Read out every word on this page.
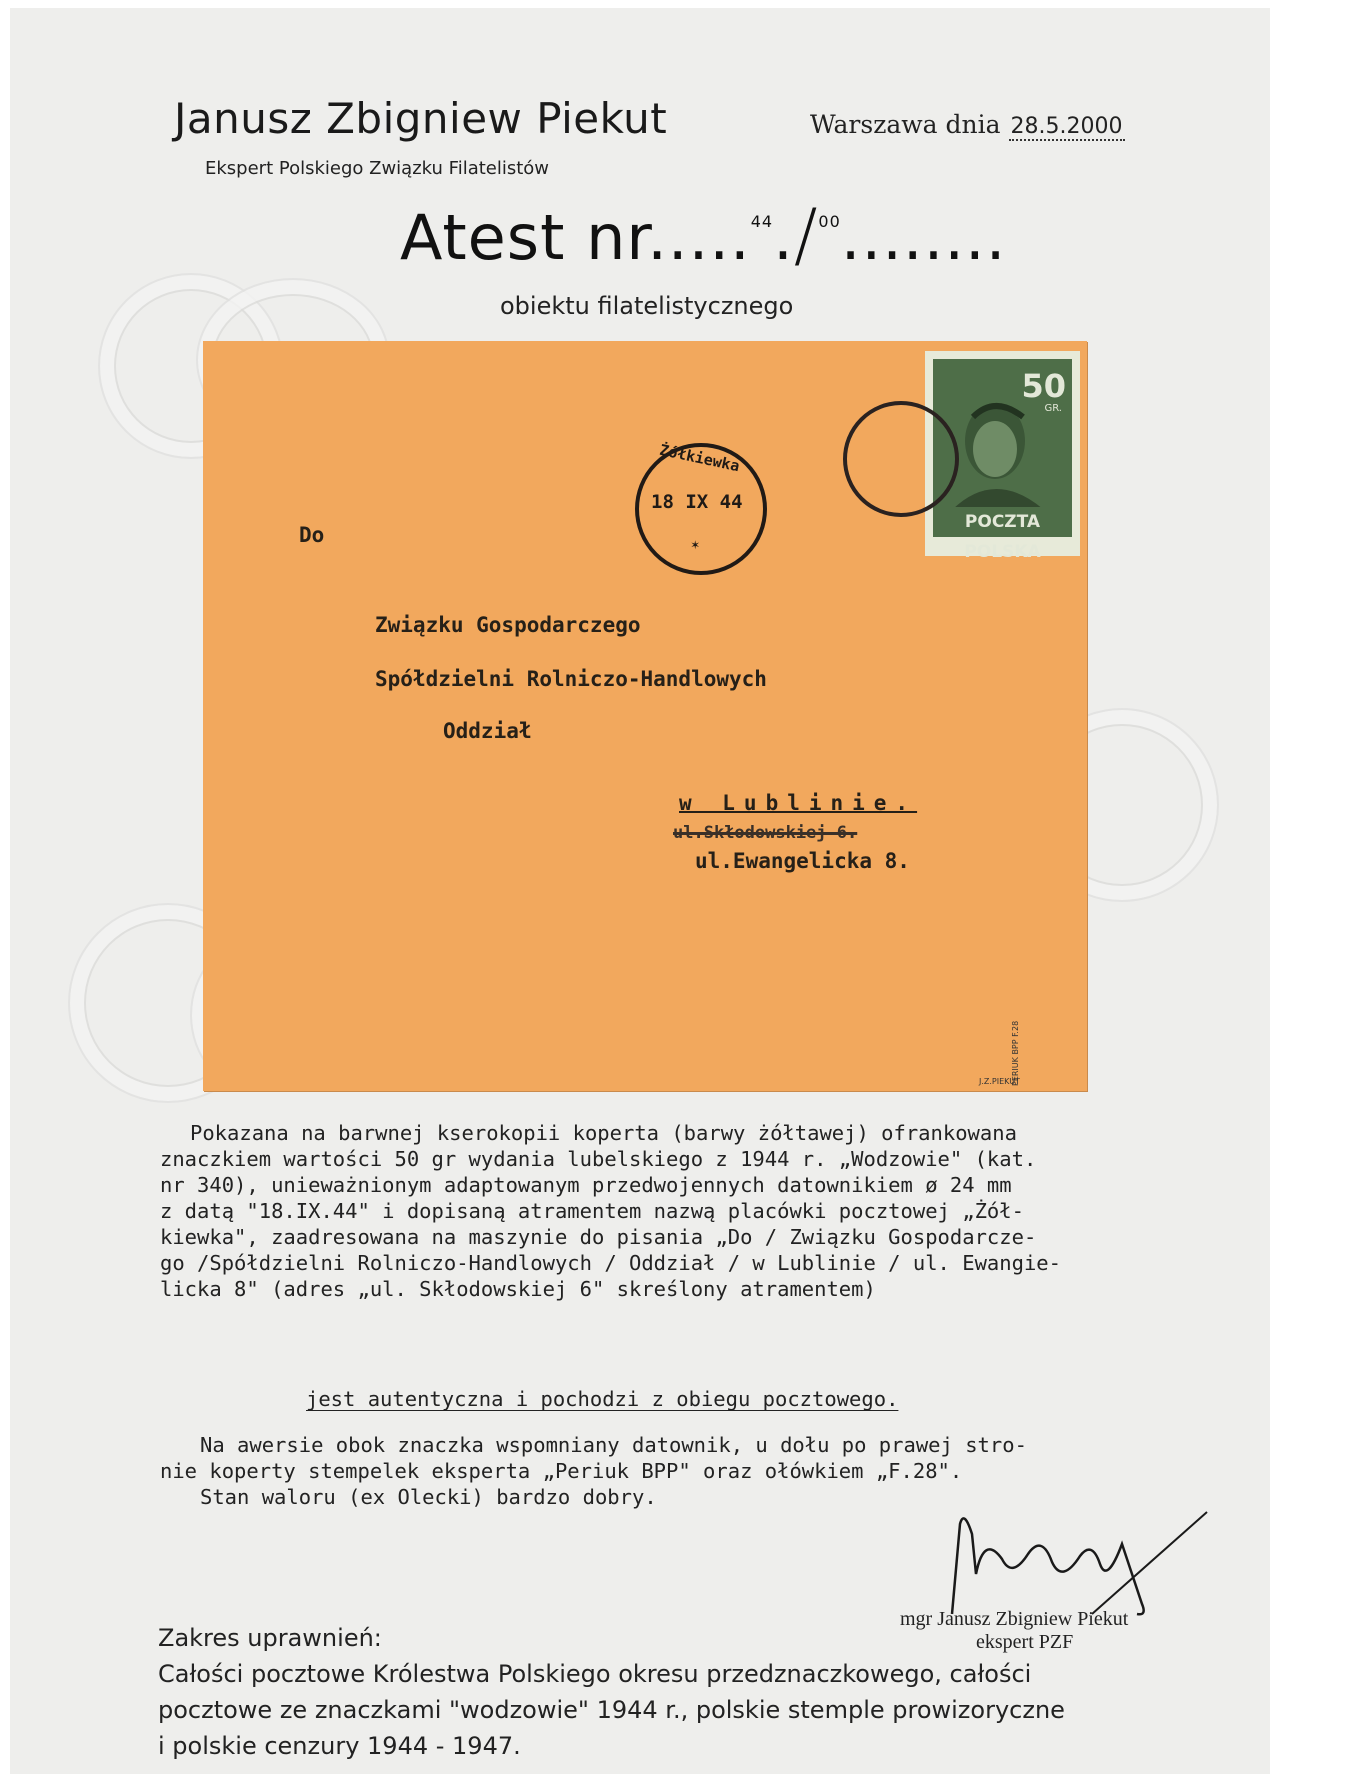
Janusz Zbigniew Piekut
Ekspert Polskiego Związku Filatelistów
Warszawa dnia 28.5.2000
Atest nr.....$^{44}$./$^{00}$........
obiektu filatelistycznego
50
GR.
POCZTA POLSKA
Żółkiewka
18 IX 44
✶
Do
Związku Gospodarczego
Spółdzielni Rolniczo-Handlowych
Oddział
w Lublinie.
ul.Skłodowskiej 6.
ul.Ewangelicka 8.
J.Z.PIEKUT
PERIUK BPP F.28
Pokazana na barwnej kserokopii koperta (barwy żółtawej) ofrankowana
znaczkiem wartości 50 gr wydania lubelskiego z 1944 r. „Wodzowie" (kat.
nr 340), unieważnionym adaptowanym przedwojennych datownikiem ø 24 mm
z datą "18.IX.44" i dopisaną atramentem nazwą placówki pocztowej „Żół-
kiewka", zaadresowana na maszynie do pisania „Do / Związku Gospodarcze-
go /Spółdzielni Rolniczo-Handlowych / Oddział / w Lublinie / ul. Ewangie-
licka 8" (adres „ul. Skłodowskiej 6" skreślony atramentem)
jest autentyczna i pochodzi z obiegu pocztowego.
Na awersie obok znaczka wspomniany datownik, u dołu po prawej stro-
nie koperty stempelek eksperta „Periuk BPP" oraz ołówkiem „F.28".
Stan waloru (ex Olecki) bardzo dobry.
mgr Janusz Zbigniew Piekut
ekspert PZF
Zakres uprawnień:
Całości pocztowe Królestwa Polskiego okresu przedznaczkowego, całości
pocztowe ze znaczkami "wodzowie" 1944 r., polskie stemple prowizoryczne
i polskie cenzury 1944 - 1947.
